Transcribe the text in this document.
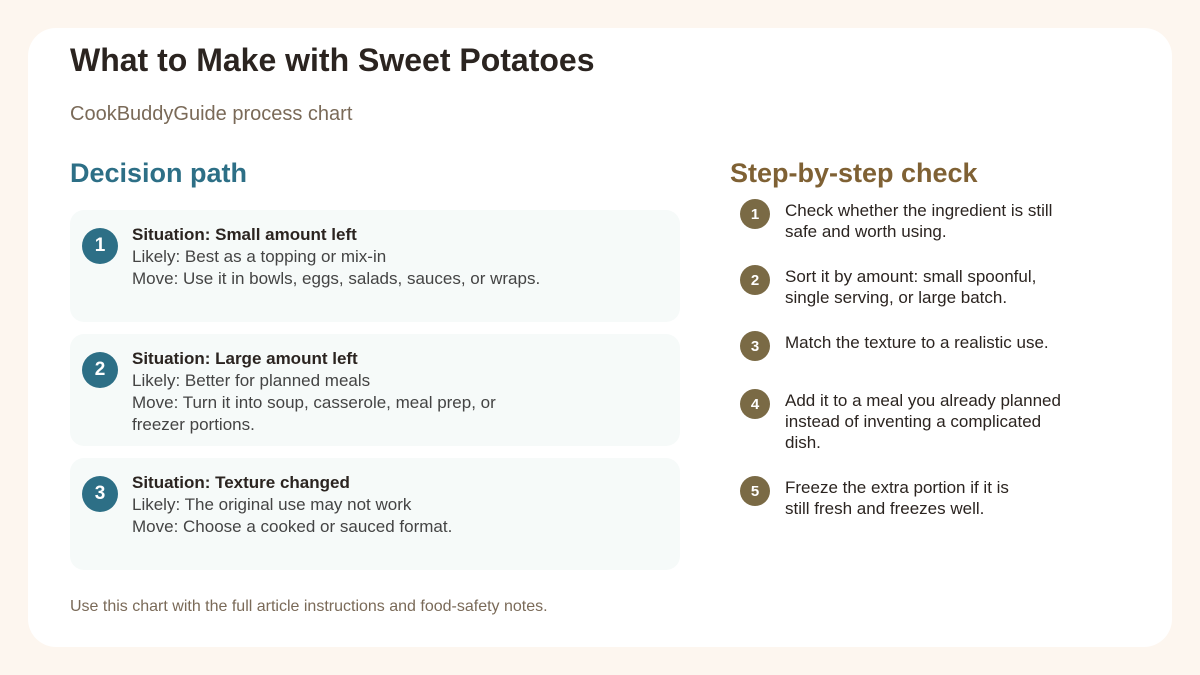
What to Make with Sweet Potatoes
CookBuddyGuide process chart
Decision path
1
Situation: Small amount left
Likely: Best as a topping or mix-in
Move: Use it in bowls, eggs, salads, sauces, or wraps.
2
Situation: Large amount left
Likely: Better for planned meals
Move: Turn it into soup, casserole, meal prep, or freezer portions.
3
Situation: Texture changed
Likely: The original use may not work
Move: Choose a cooked or sauced format.
Step-by-step check
1	Check whether the ingredient is still safe and worth using.
2	Sort it by amount: small spoonful, single serving, or large batch.
3	Match the texture to a realistic use.
4	Add it to a meal you already planned instead of inventing a complicated dish.
5	Freeze the extra portion if it is still fresh and freezes well.
Use this chart with the full article instructions and food-safety notes.
